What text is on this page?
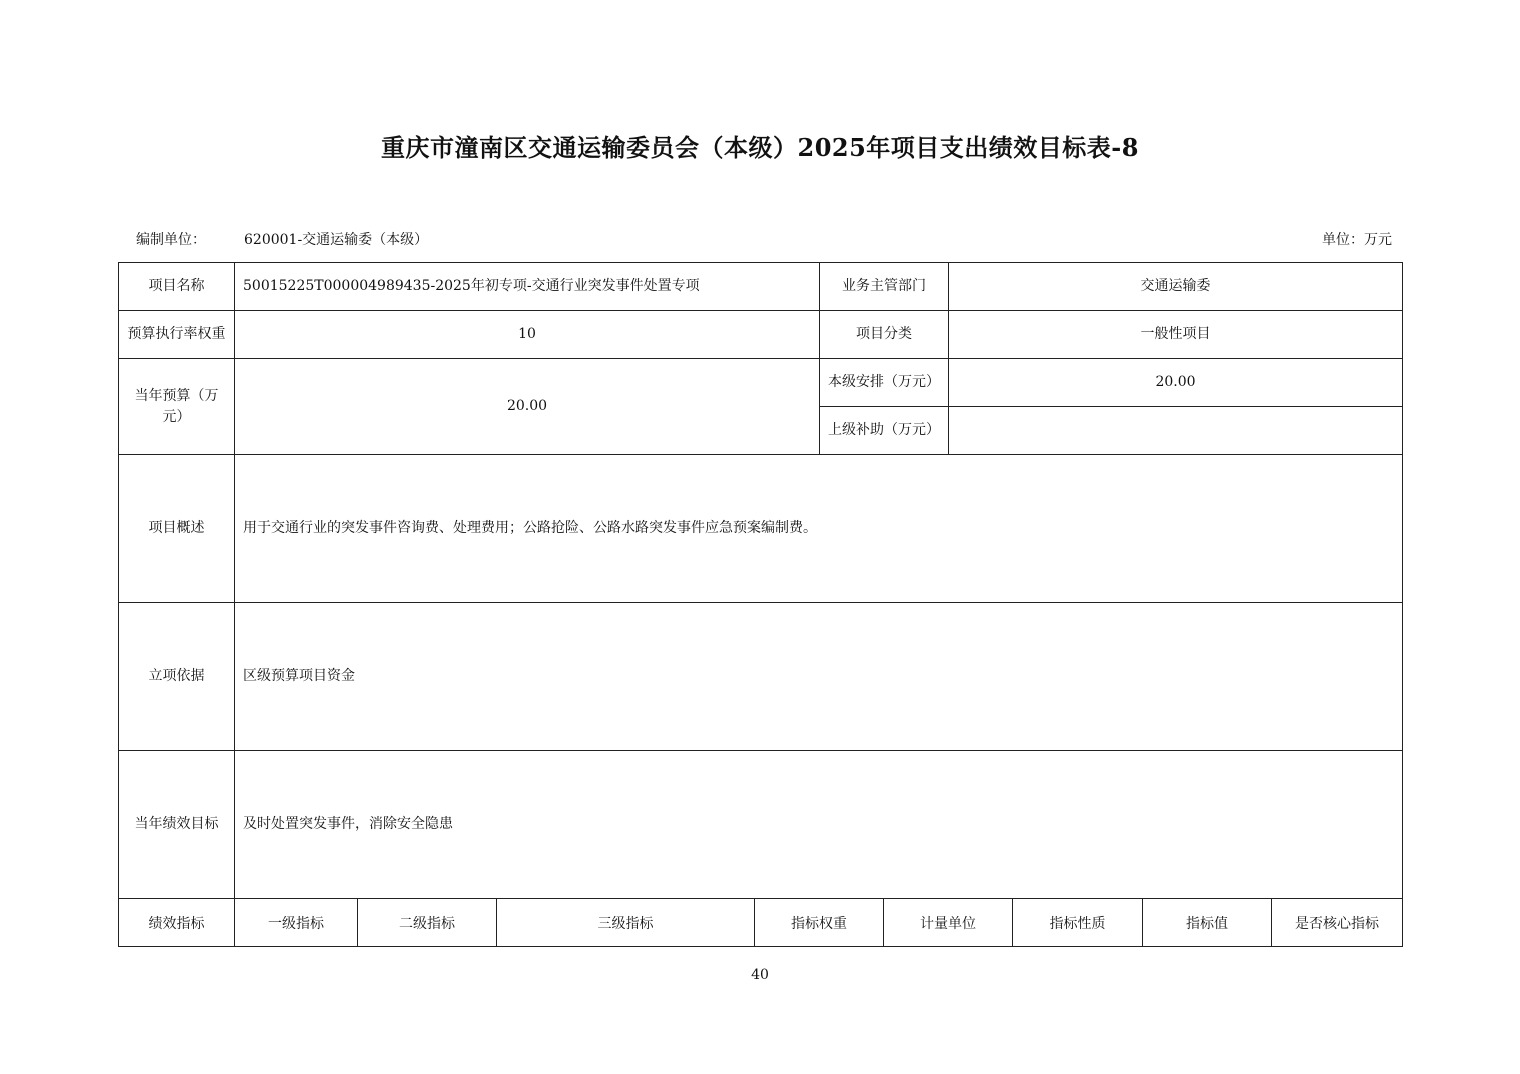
重庆市潼南区交通运输委员会（本级）2025年项目支出绩效目标表-8
编制单位：	620001-交通运输委（本级）	单位：万元
项目名称	50015225T000004989435-2025年初专项-交通行业突发事件处置专项	业务主管部门	交通运输委
预算执行率权重	10	项目分类	一般性项目
当年预算（万元）	20.00	本级安排（万元）	20.00
		上级补助（万元）	
项目概述	用于交通行业的突发事件咨询费、处理费用；公路抢险、公路水路突发事件应急预案编制费。		
立项依据	区级预算项目资金		
当年绩效目标	及时处置突发事件，消除安全隐患		
绩效指标	一级指标	二级指标	三级指标	指标权重	计量单位	指标性质	指标值	是否核心指标
40
